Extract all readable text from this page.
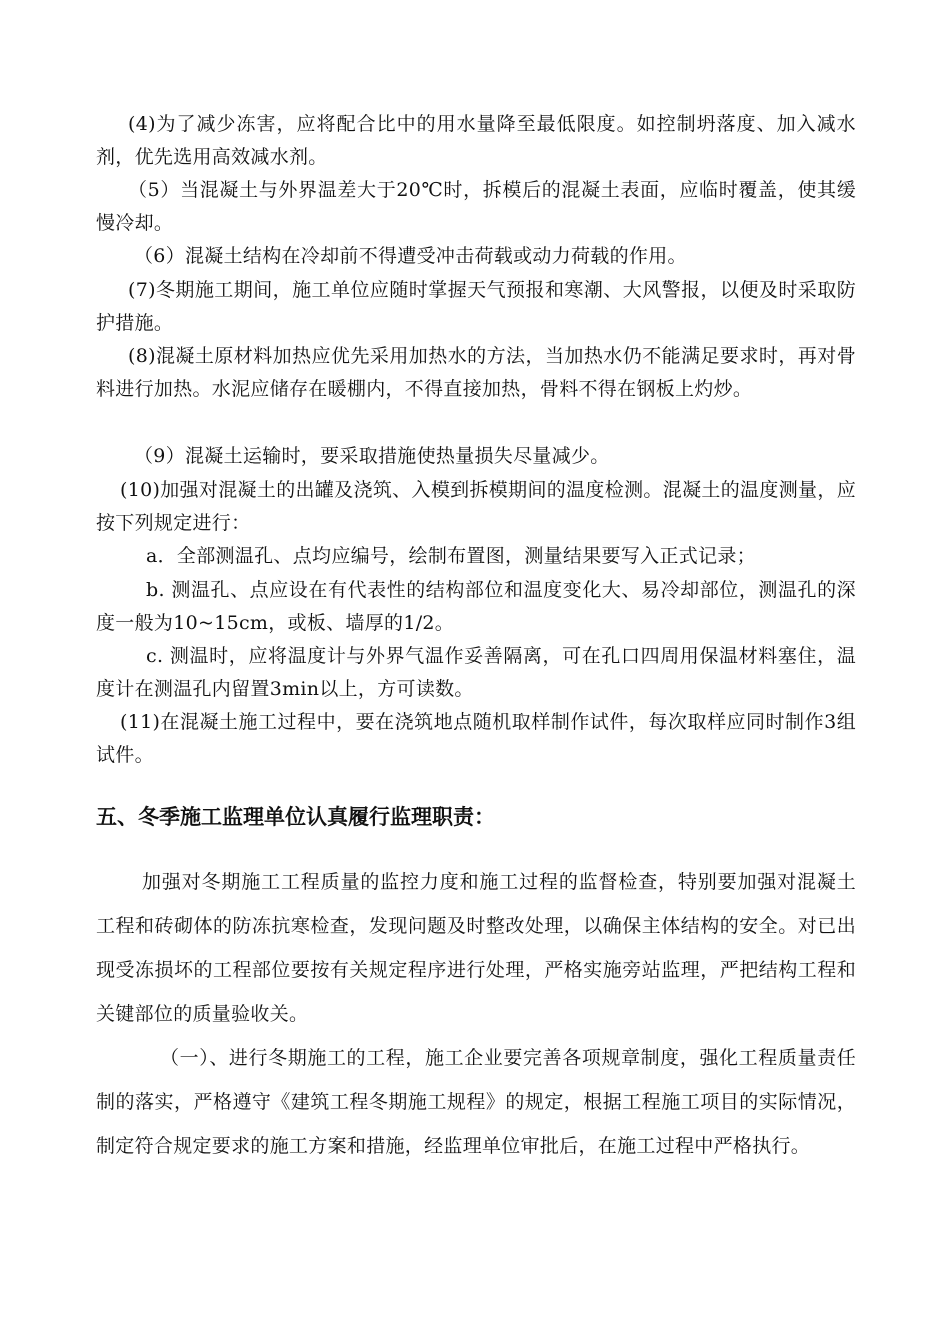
(4)为了减少冻害，应将配合比中的用水量降至最低限度。如控制坍落度、加入减水剂，优先选用高效减水剂。

（5）当混凝土与外界温差大于20℃时，拆模后的混凝土表面，应临时覆盖，使其缓慢冷却。

（6）混凝土结构在冷却前不得遭受冲击荷载或动力荷载的作用。

(7)冬期施工期间，施工单位应随时掌握天气预报和寒潮、大风警报，以便及时采取防护措施。

(8)混凝土原材料加热应优先采用加热水的方法，当加热水仍不能满足要求时，再对骨料进行加热。水泥应储存在暖棚内，不得直接加热，骨料不得在钢板上灼炒。

（9）混凝土运输时，要采取措施使热量损失尽量减少。

(10)加强对混凝土的出罐及浇筑、入模到拆模期间的温度检测。混凝土的温度测量，应按下列规定进行：

a．全部测温孔、点均应编号，绘制布置图，测量结果要写入正式记录；

b. 测温孔、点应设在有代表性的结构部位和温度变化大、易冷却部位，测温孔的深度一般为10~15cm，或板、墙厚的1/2。

c. 测温时，应将温度计与外界气温作妥善隔离，可在孔口四周用保温材料塞住，温度计在测温孔内留置3min以上，方可读数。

(11)在混凝土施工过程中，要在浇筑地点随机取样制作试件，每次取样应同时制作3组试件。

五、冬季施工监理单位认真履行监理职责：

加强对冬期施工工程质量的监控力度和施工过程的监督检查，特别要加强对混凝土工程和砖砌体的防冻抗寒检查，发现问题及时整改处理，以确保主体结构的安全。对已出现受冻损坏的工程部位要按有关规定程序进行处理，严格实施旁站监理，严把结构工程和关键部位的质量验收关。

（一）、进行冬期施工的工程，施工企业要完善各项规章制度，强化工程质量责任制的落实，严格遵守《建筑工程冬期施工规程》的规定，根据工程施工项目的实际情况，制定符合规定要求的施工方案和措施，经监理单位审批后，在施工过程中严格执行。
